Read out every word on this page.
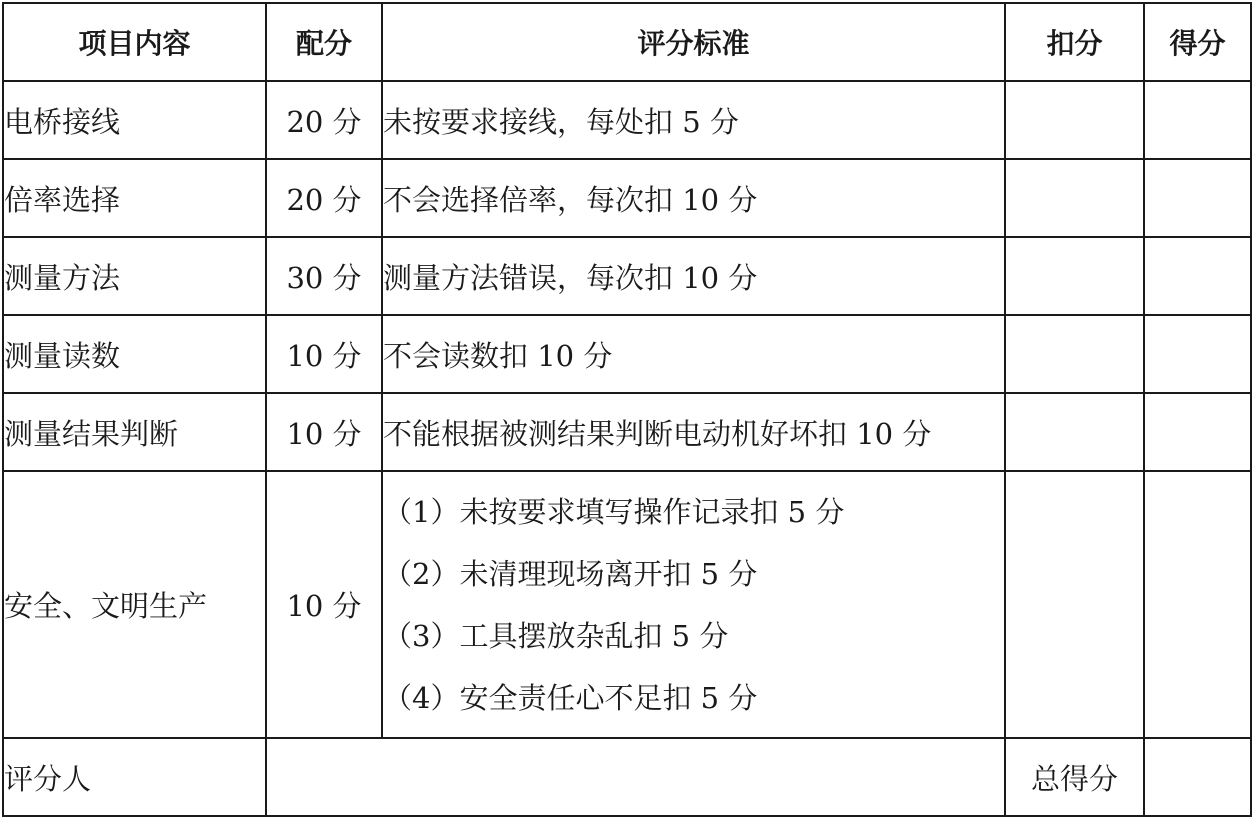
项目内容	配分	评分标准	扣分	得分
电桥接线	20 分	未按要求接线，每处扣 5 分		
倍率选择	20 分	不会选择倍率，每次扣 10 分		
测量方法	30 分	测量方法错误，每次扣 10 分		
测量读数	10 分	不会读数扣 10 分		
测量结果判断	10 分	不能根据被测结果判断电动机好坏扣 10 分		
安全、文明生产	10 分	（1）未按要求填写操作记录扣 5 分
（2）未清理现场离开扣 5 分
（3）工具摆放杂乱扣 5 分
（4）安全责任心不足扣 5 分		

评分人			总得分	
